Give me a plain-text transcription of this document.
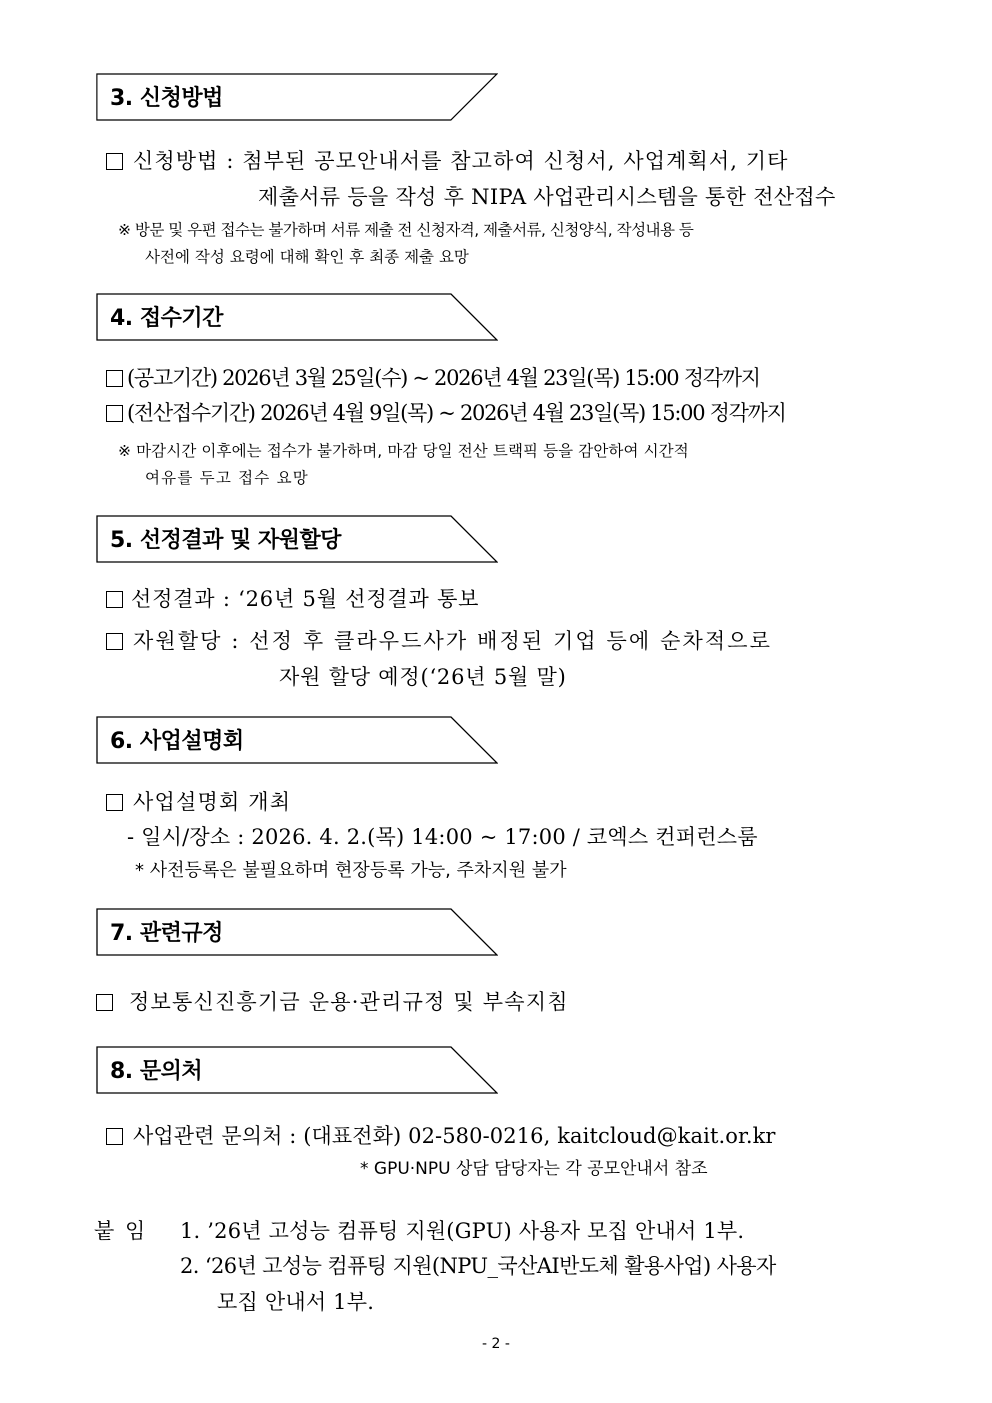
3. 신청방법
신청방법 : 첨부된 공모안내서를 참고하여 신청서, 사업계획서, 기타
제출서류 등을 작성 후 NIPA 사업관리시스템을 통한 전산접수
※ 방문 및 우편 접수는 불가하며 서류 제출 전 신청자격, 제출서류, 신청양식, 작성내용 등
사전에 작성 요령에 대해 확인 후 최종 제출 요망
4. 접수기간
(공고기간) 2026년 3월 25일(수) ~ 2026년 4월 23일(목) 15:00 정각까지
(전산접수기간) 2026년 4월 9일(목) ~ 2026년 4월 23일(목) 15:00 정각까지
※ 마감시간 이후에는 접수가 불가하며, 마감 당일 전산 트랙픽 등을 감안하여 시간적
여유를 두고 접수 요망
5. 선정결과 및 자원할당
선정결과 : ‘26년 5월 선정결과 통보
자원할당 : 선정 후 클라우드사가 배정된 기업 등에 순차적으로
자원 할당 예정(‘26년 5월 말)
6. 사업설명회
사업설명회 개최
- 일시/장소 : 2026. 4. 2.(목) 14:00 ~ 17:00 / 코엑스 컨퍼런스룸
* 사전등록은 불필요하며 현장등록 가능, 주차지원 불가
7. 관련규정
정보통신진흥기금 운용·관리규정 및 부속지침
8. 문의처
사업관련 문의처 : (대표전화) 02-580-0216, kaitcloud@kait.or.kr
* GPU·NPU 상담 담당자는 각 공모안내서 참조
붙 임 1. ’26년 고성능 컴퓨팅 지원(GPU) 사용자 모집 안내서 1부.
2. ‘26년 고성능 컴퓨팅 지원(NPU_국산AI반도체 활용사업) 사용자
모집 안내서 1부.
- 2 -
